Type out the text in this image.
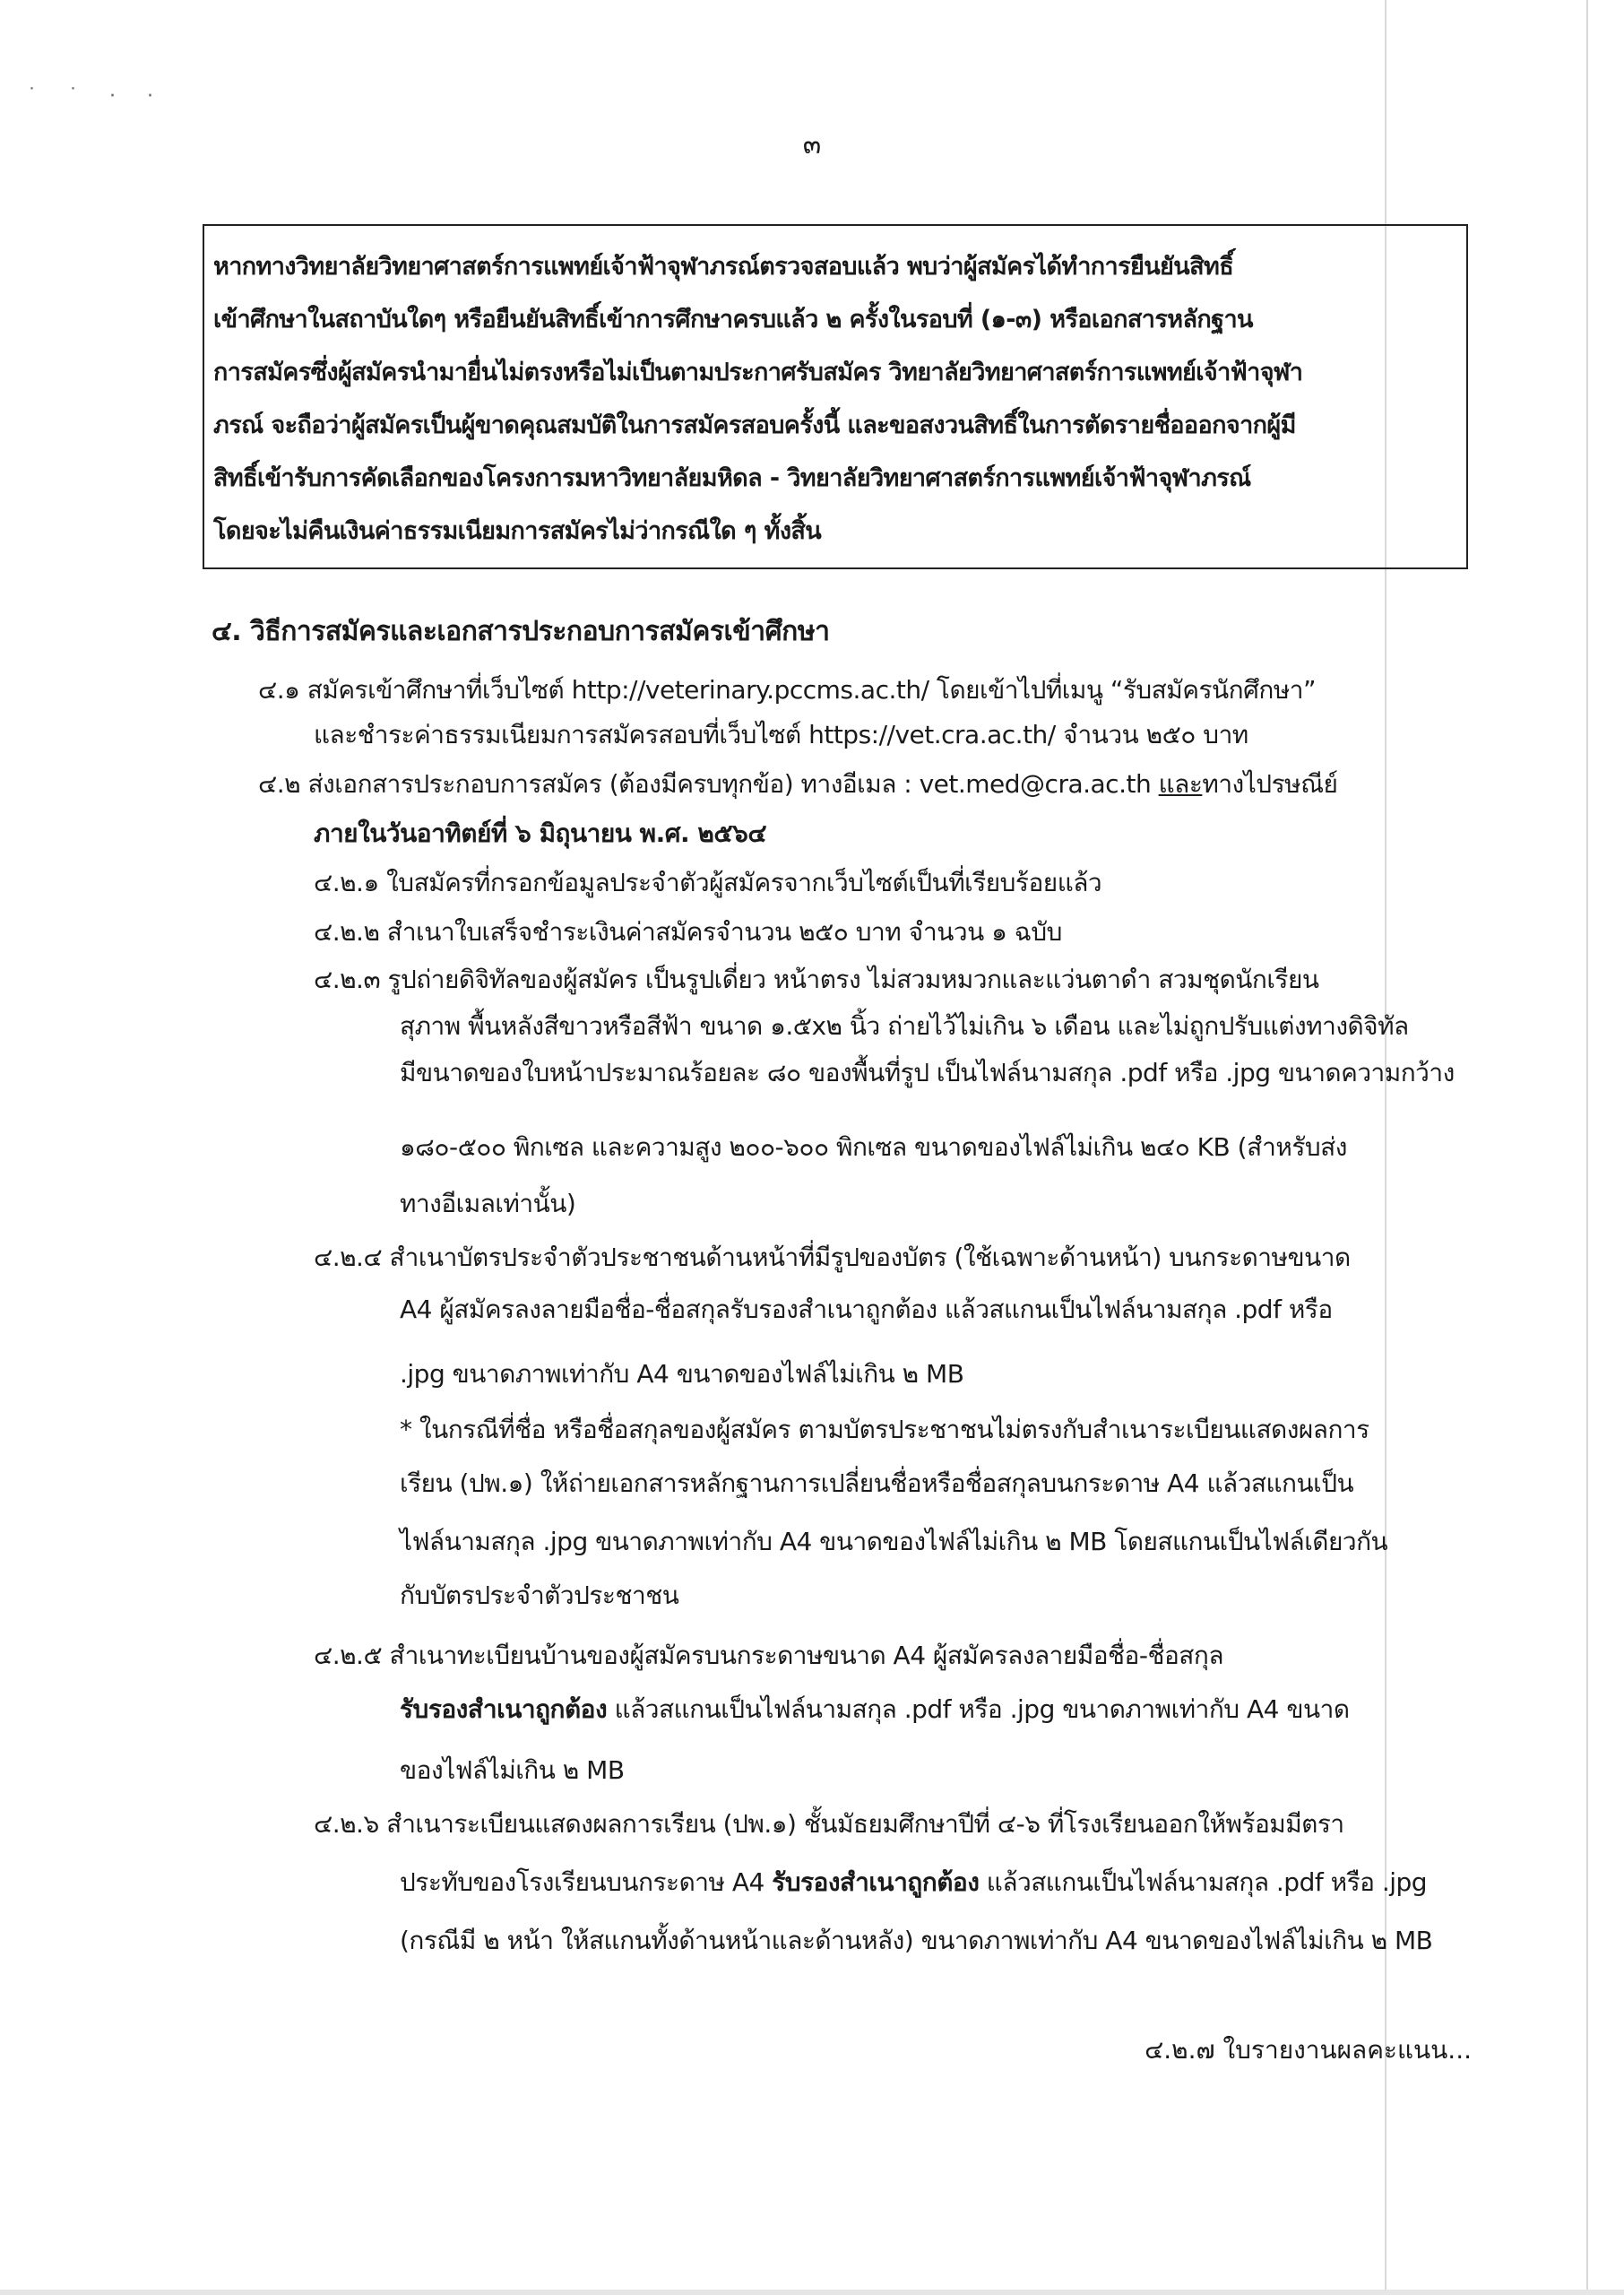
˙ ˙ · ·
๓
หากทางวิทยาลัยวิทยาศาสตร์การแพทย์เจ้าฟ้าจุฬาภรณ์ตรวจสอบแล้ว พบว่าผู้สมัครได้ทำการยืนยันสิทธิ์
เข้าศึกษาในสถาบันใดๆ หรือยืนยันสิทธิ์เข้าการศึกษาครบแล้ว ๒ ครั้งในรอบที่ (๑-๓) หรือเอกสารหลักฐาน
การสมัครซึ่งผู้สมัครนำมายื่นไม่ตรงหรือไม่เป็นตามประกาศรับสมัคร วิทยาลัยวิทยาศาสตร์การแพทย์เจ้าฟ้าจุฬา
ภรณ์ จะถือว่าผู้สมัครเป็นผู้ขาดคุณสมบัติในการสมัครสอบครั้งนี้ และขอสงวนสิทธิ์ในการตัดรายชื่อออกจากผู้มี
สิทธิ์เข้ารับการคัดเลือกของโครงการมหาวิทยาลัยมหิดล - วิทยาลัยวิทยาศาสตร์การแพทย์เจ้าฟ้าจุฬาภรณ์
โดยจะไม่คืนเงินค่าธรรมเนียมการสมัครไม่ว่ากรณีใด ๆ ทั้งสิ้น
๔. วิธีการสมัครและเอกสารประกอบการสมัครเข้าศึกษา
๔.๑ สมัครเข้าศึกษาที่เว็บไซต์ http://veterinary.pccms.ac.th/ โดยเข้าไปที่เมนู “รับสมัครนักศึกษา”
และชำระค่าธรรมเนียมการสมัครสอบที่เว็บไซต์ https://vet.cra.ac.th/ จำนวน ๒๕๐ บาท
๔.๒ ส่งเอกสารประกอบการสมัคร (ต้องมีครบทุกข้อ) ทางอีเมล : vet.med@cra.ac.th และทางไปรษณีย์
ภายในวันอาทิตย์ที่ ๖ มิถุนายน พ.ศ. ๒๕๖๔
๔.๒.๑ ใบสมัครที่กรอกข้อมูลประจำตัวผู้สมัครจากเว็บไซต์เป็นที่เรียบร้อยแล้ว
๔.๒.๒ สำเนาใบเสร็จชำระเงินค่าสมัครจำนวน ๒๕๐ บาท จำนวน ๑ ฉบับ
๔.๒.๓ รูปถ่ายดิจิทัลของผู้สมัคร เป็นรูปเดี่ยว หน้าตรง ไม่สวมหมวกและแว่นตาดำ สวมชุดนักเรียน
สุภาพ พื้นหลังสีขาวหรือสีฟ้า ขนาด ๑.๕x๒ นิ้ว ถ่ายไว้ไม่เกิน ๖ เดือน และไม่ถูกปรับแต่งทางดิจิทัล
มีขนาดของใบหน้าประมาณร้อยละ ๘๐ ของพื้นที่รูป เป็นไฟล์นามสกุล .pdf หรือ .jpg ขนาดความกว้าง
๑๘๐-๕๐๐ พิกเซล และความสูง ๒๐๐-๖๐๐ พิกเซล ขนาดของไฟล์ไม่เกิน ๒๔๐ KB (สำหรับส่ง
ทางอีเมลเท่านั้น)
๔.๒.๔ สำเนาบัตรประจำตัวประชาชนด้านหน้าที่มีรูปของบัตร (ใช้เฉพาะด้านหน้า) บนกระดาษขนาด
A4 ผู้สมัครลงลายมือชื่อ-ชื่อสกุลรับรองสำเนาถูกต้อง แล้วสแกนเป็นไฟล์นามสกุล .pdf หรือ
.jpg ขนาดภาพเท่ากับ A4 ขนาดของไฟล์ไม่เกิน ๒ MB
* ในกรณีที่ชื่อ หรือชื่อสกุลของผู้สมัคร ตามบัตรประชาชนไม่ตรงกับสำเนาระเบียนแสดงผลการ
เรียน (ปพ.๑) ให้ถ่ายเอกสารหลักฐานการเปลี่ยนชื่อหรือชื่อสกุลบนกระดาษ A4 แล้วสแกนเป็น
ไฟล์นามสกุล .jpg ขนาดภาพเท่ากับ A4 ขนาดของไฟล์ไม่เกิน ๒ MB โดยสแกนเป็นไฟล์เดียวกัน
กับบัตรประจำตัวประชาชน
๔.๒.๕ สำเนาทะเบียนบ้านของผู้สมัครบนกระดาษขนาด A4 ผู้สมัครลงลายมือชื่อ-ชื่อสกุล
รับรองสำเนาถูกต้อง แล้วสแกนเป็นไฟล์นามสกุล .pdf หรือ .jpg ขนาดภาพเท่ากับ A4 ขนาด
ของไฟล์ไม่เกิน ๒ MB
๔.๒.๖ สำเนาระเบียนแสดงผลการเรียน (ปพ.๑) ชั้นมัธยมศึกษาปีที่ ๔-๖ ที่โรงเรียนออกให้พร้อมมีตรา
ประทับของโรงเรียนบนกระดาษ A4 รับรองสำเนาถูกต้อง แล้วสแกนเป็นไฟล์นามสกุล .pdf หรือ .jpg
(กรณีมี ๒ หน้า ให้สแกนทั้งด้านหน้าและด้านหลัง) ขนาดภาพเท่ากับ A4 ขนาดของไฟล์ไม่เกิน ๒ MB
๔.๒.๗ ใบรายงานผลคะแนน...
